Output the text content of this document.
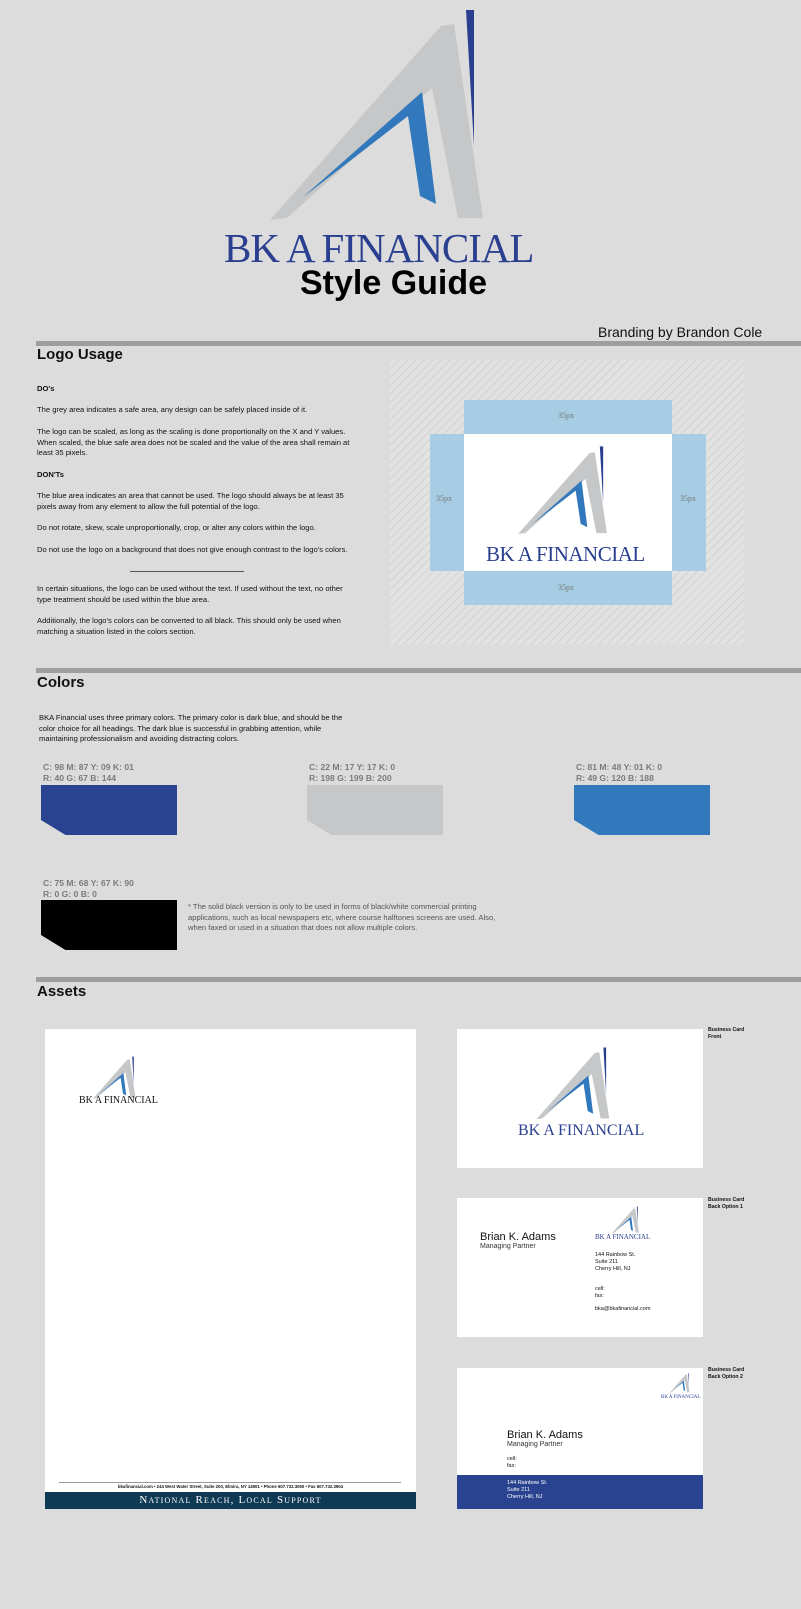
BK A FINANCIAL
Style Guide
Branding by Brandon Cole
Logo Usage
DO's
The grey area indicates a safe area, any design can be safely placed inside of it.
The logo can be scaled, as long as the scaling is done proportionally on the X and Y values. When scaled, the blue safe area does not be scaled and the value of the area shall remain at least 35 pixels.
DON'Ts
The blue area indicates an area that cannot be used. The logo should always be at least 35 pixels away from any element to allow the full potential of the logo.
Do not rotate, skew, scale unproportionally, crop, or alter any colors within the logo.
Do not use the logo on a background that does not give enough contrast to the logo's colors.
In certain situations, the logo can be used without the text. If used without the text, no other type treatment should be used within the blue area.
Additionally, the logo's colors can be converted to all black. This should only be used when matching a situation listed in the colors section.
35px
35px
35px	35px
BK A FINANCIAL
Colors
BKA Financial uses three primary colors. The primary color is dark blue, and should be the color choice for all headings. The dark blue is successful in grabbing attention, while maintaining professionalism and avoiding distracting colors.
C: 98 M: 87 Y: 09 K: 01
R: 40 G: 67 B: 144
C: 22 M: 17 Y: 17 K: 0
R: 198 G: 199 B: 200
C: 81 M: 48 Y: 01 K: 0
R: 49 G: 120 B: 188
C: 75 M: 68 Y: 67 K: 90
R: 0 G: 0 B: 0
* The solid black version is only to be used in forms of black/white commercial printing applications, such as local newspapers etc, where course halftones screens are used. Also, when faxed or used in a situation that does not allow multiple colors.
Assets
BK A FINANCIAL
bkafinancial.com • 244 West Water Street, Suite 200, Elmira, NY 14901 • Phone 607.732.3050 • Fax 607.732.3904
National Reach, Local Support
BK A FINANCIAL
Business Card Front
Brian K. Adams
Managing Partner
BK A FINANCIAL
144 Rainbow St.
Suite 211
Cherry Hill, NJ
cell:
fax:
bka@bkafinancial.com
Business Card Back Option 1
BK A FINANCIAL
Brian K. Adams
Managing Partner
cell:
fax:
144 Rainbow St.
Suite 211
Cherry Hill, NJ
Business Card Back Option 2
